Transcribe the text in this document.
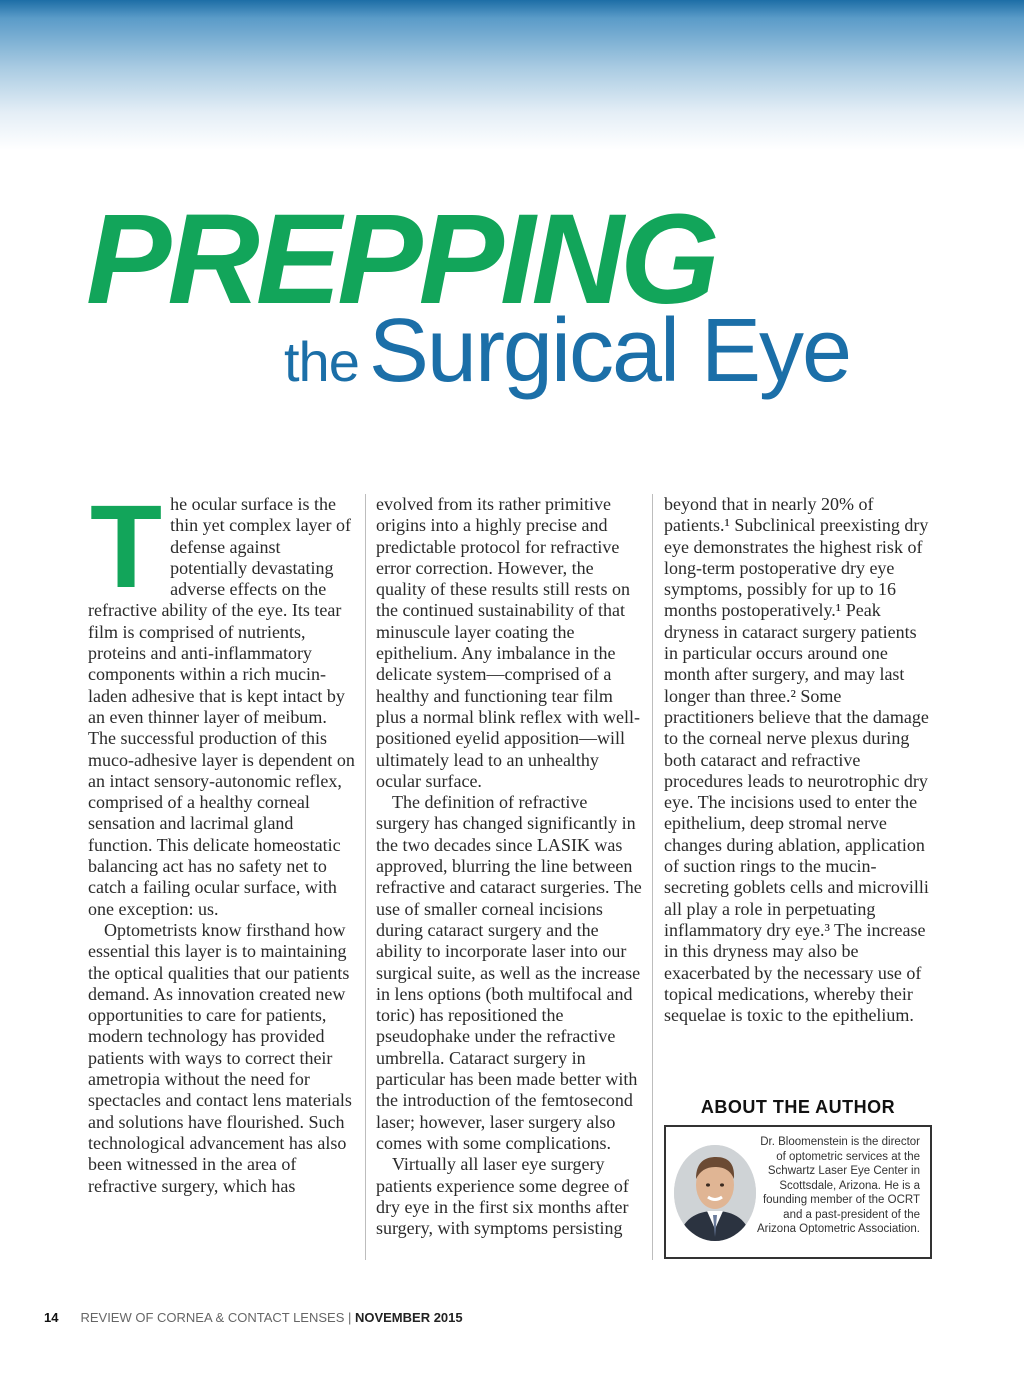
PREPPING
the Surgical Eye

The ocular surface is the thin yet complex layer of defense against potentially devastating adverse effects on the refractive ability of the eye. Its tear film is comprised of nutrients, proteins and anti-inflammatory components within a rich mucin-laden adhesive that is kept intact by an even thinner layer of meibum. The successful production of this muco-adhesive layer is dependent on an intact sensory-autonomic reflex, comprised of a healthy corneal sensation and lacrimal gland function. This delicate homeostatic balancing act has no safety net to catch a failing ocular surface, with one exception: us.

Optometrists know firsthand how essential this layer is to maintaining the optical qualities that our patients demand. As innovation created new opportunities to care for patients, modern technology has provided patients with ways to correct their ametropia without the need for spectacles and contact lens materials and solutions have flourished. Such technological advancement has also been witnessed in the area of refractive surgery, which has

evolved from its rather primitive origins into a highly precise and predictable protocol for refractive error correction. However, the quality of these results still rests on the continued sustainability of that minuscule layer coating the epithelium. Any imbalance in the delicate system—comprised of a healthy and functioning tear film plus a normal blink reflex with well-positioned eyelid apposition—will ultimately lead to an unhealthy ocular surface.

The definition of refractive surgery has changed significantly in the two decades since LASIK was approved, blurring the line between refractive and cataract surgeries. The use of smaller corneal incisions during cataract surgery and the ability to incorporate laser into our surgical suite, as well as the increase in lens options (both multifocal and toric) has repositioned the pseudophake under the refractive umbrella. Cataract surgery in particular has been made better with the introduction of the femtosecond laser; however, laser surgery also comes with some complications.

Virtually all laser eye surgery patients experience some degree of dry eye in the first six months after surgery, with symptoms persisting

beyond that in nearly 20% of patients.¹ Subclinical preexisting dry eye demonstrates the highest risk of long-term postoperative dry eye symptoms, possibly for up to 16 months postoperatively.¹ Peak dryness in cataract surgery patients in particular occurs around one month after surgery, and may last longer than three.² Some practitioners believe that the damage to the corneal nerve plexus during both cataract and refractive procedures leads to neurotrophic dry eye. The incisions used to enter the epithelium, deep stromal nerve changes during ablation, application of suction rings to the mucin-secreting goblets cells and microvilli all play a role in perpetuating inflammatory dry eye.³ The increase in this dryness may also be exacerbated by the necessary use of topical medications, whereby their sequelae is toxic to the epithelium.

ABOUT THE AUTHOR
Dr. Bloomenstein is the director of optometric services at the Schwartz Laser Eye Center in Scottsdale, Arizona. He is a founding member of the OCRT and a past-president of the Arizona Optometric Association.
14 REVIEW OF CORNEA & CONTACT LENSES | NOVEMBER 2015
